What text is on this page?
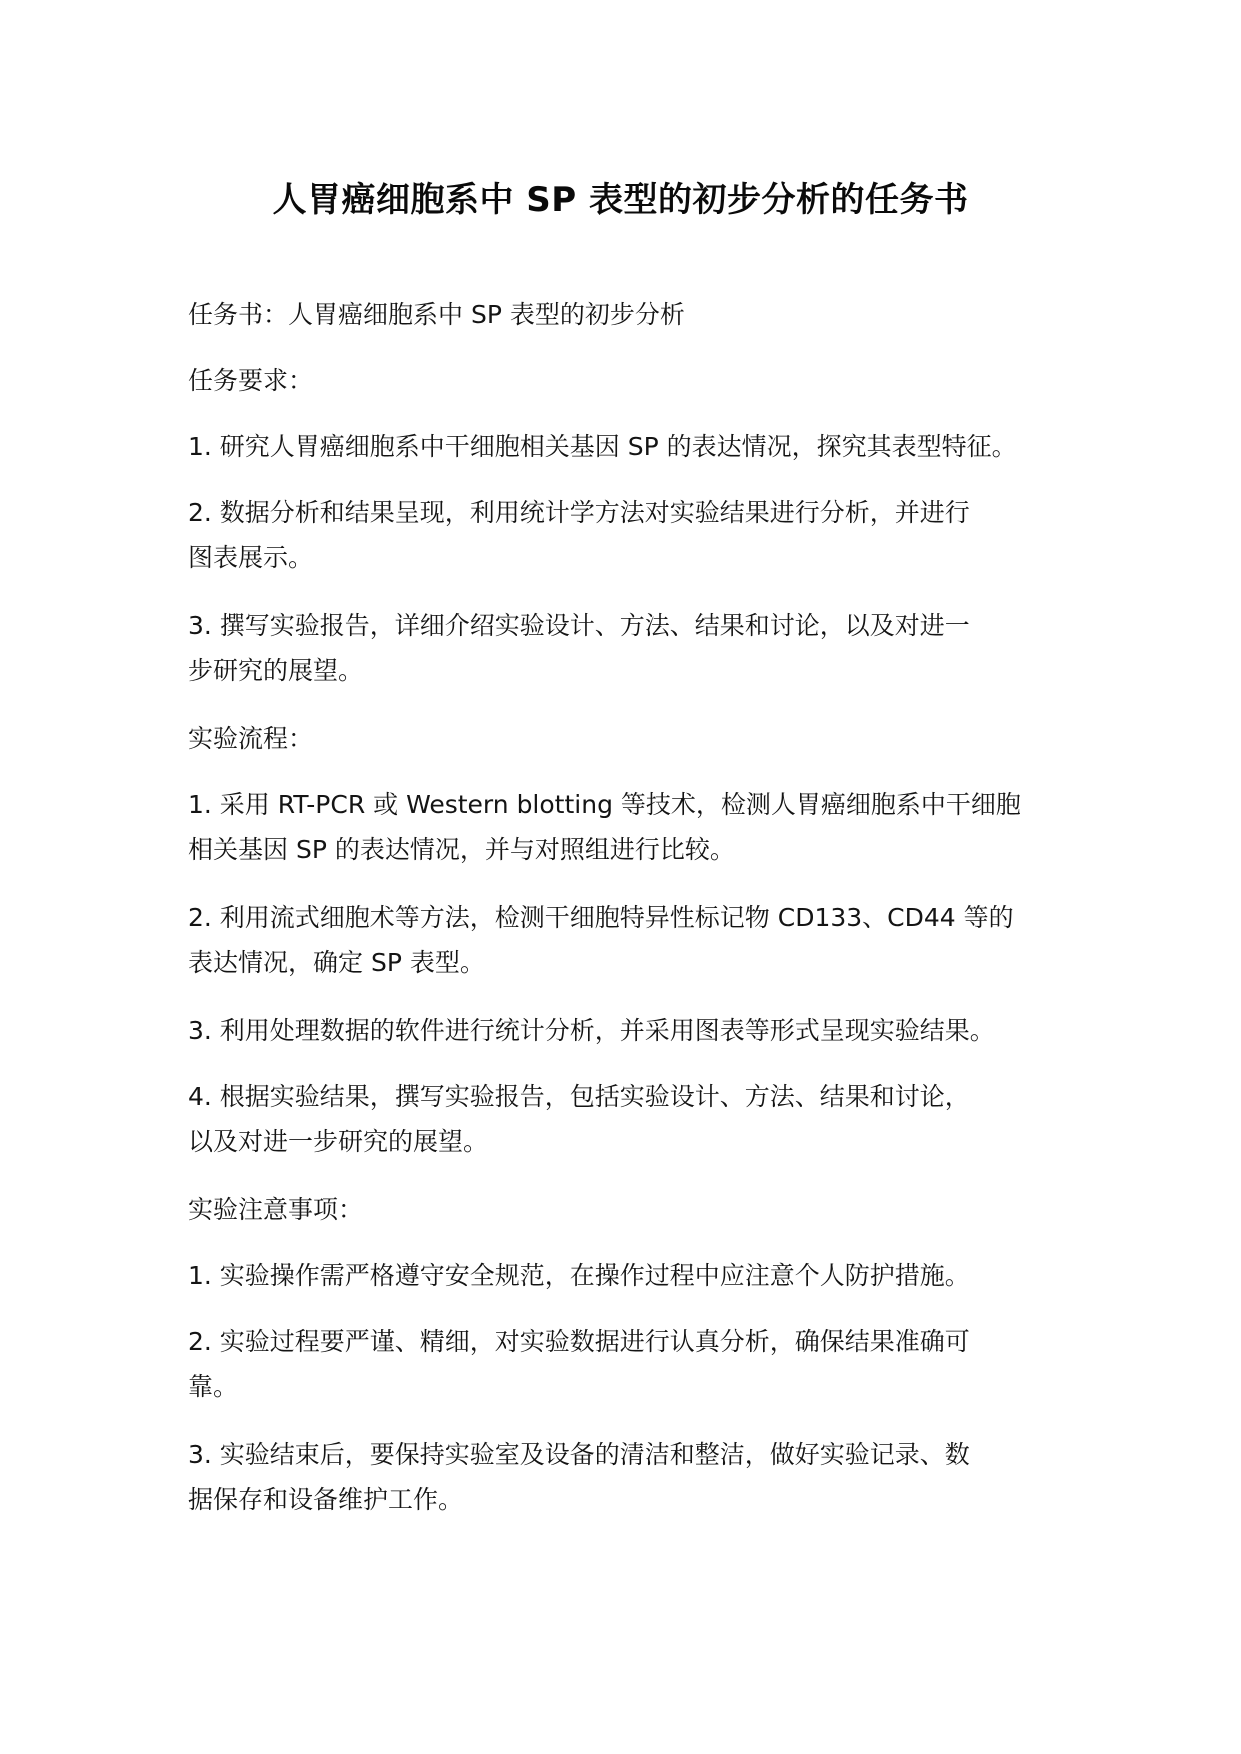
人胃癌细胞系中 SP 表型的初步分析的任务书
任务书：人胃癌细胞系中 SP 表型的初步分析
任务要求：
1. 研究人胃癌细胞系中干细胞相关基因 SP 的表达情况，探究其表型特征。
2. 数据分析和结果呈现，利用统计学方法对实验结果进行分析，并进行
图表展示。
3. 撰写实验报告，详细介绍实验设计、方法、结果和讨论，以及对进一
步研究的展望。
实验流程：
1. 采用 RT-PCR 或 Western blotting 等技术，检测人胃癌细胞系中干细胞
相关基因 SP 的表达情况，并与对照组进行比较。
2. 利用流式细胞术等方法，检测干细胞特异性标记物 CD133、CD44 等的
表达情况，确定 SP 表型。
3. 利用处理数据的软件进行统计分析，并采用图表等形式呈现实验结果。
4. 根据实验结果，撰写实验报告，包括实验设计、方法、结果和讨论，
以及对进一步研究的展望。
实验注意事项：
1. 实验操作需严格遵守安全规范，在操作过程中应注意个人防护措施。
2. 实验过程要严谨、精细，对实验数据进行认真分析，确保结果准确可
靠。
3. 实验结束后，要保持实验室及设备的清洁和整洁，做好实验记录、数
据保存和设备维护工作。
